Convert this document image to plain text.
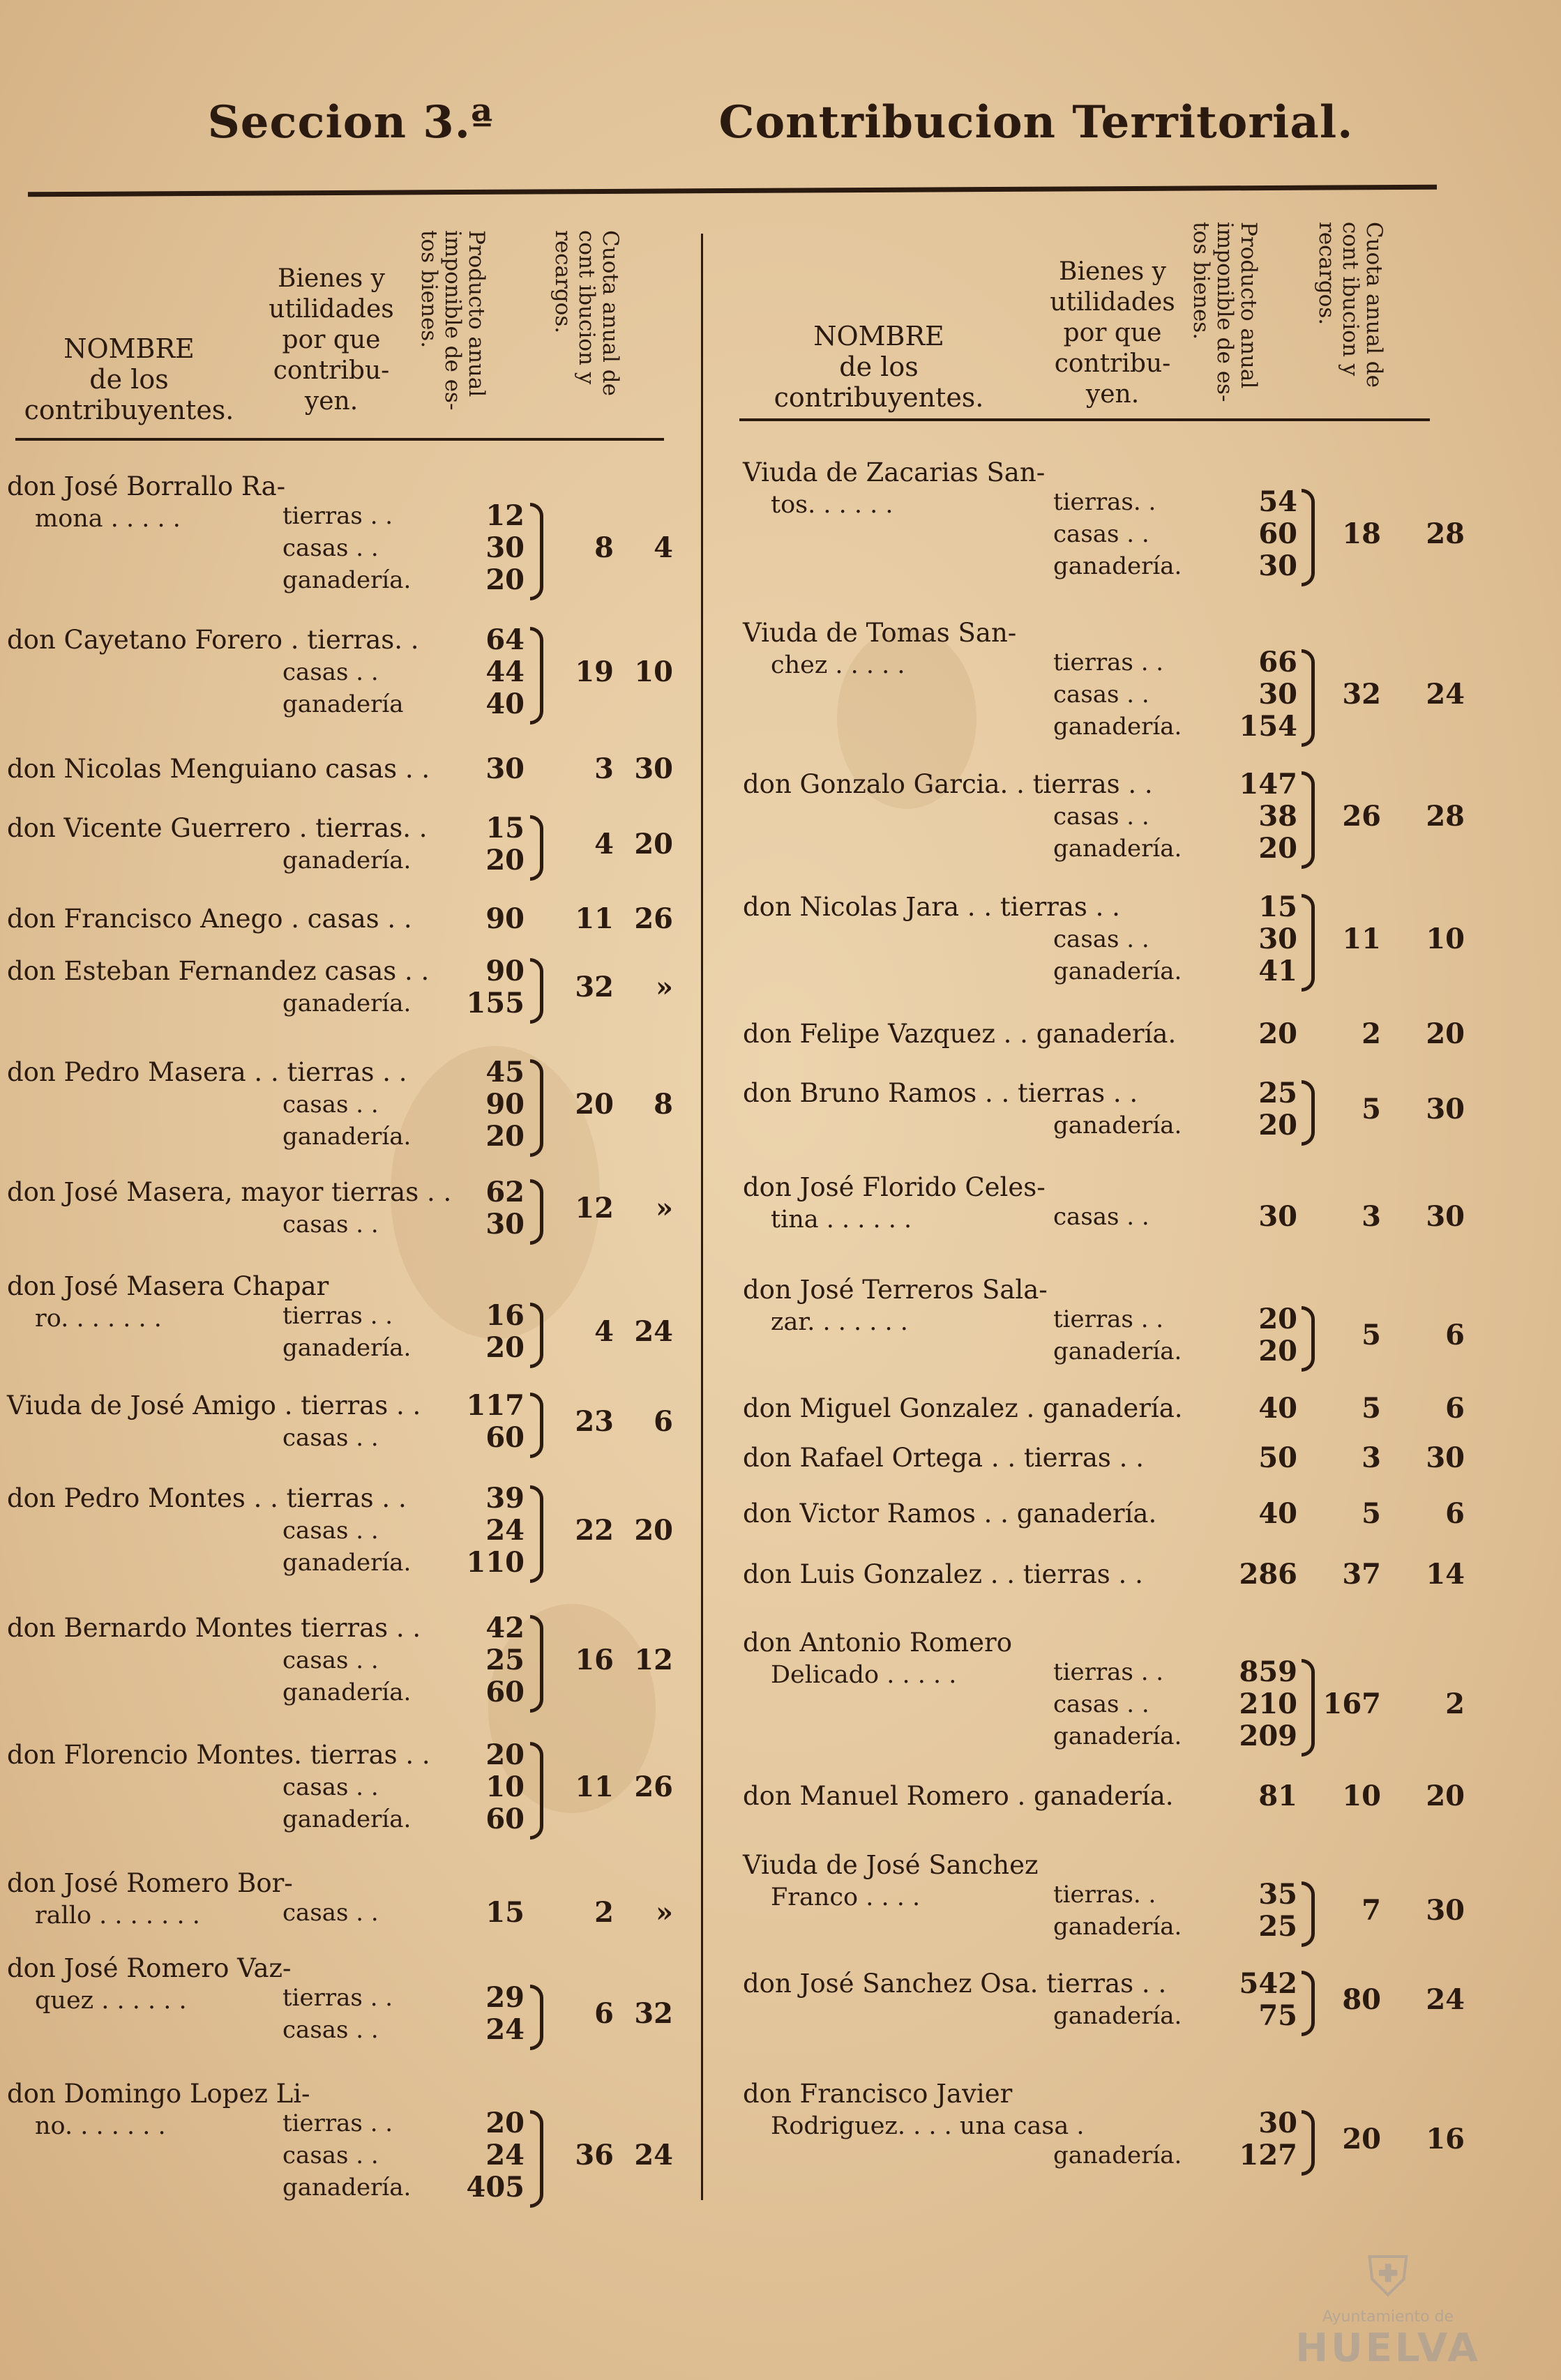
Seccion 3.ª	Contribucion Territorial.
NOMBRE
de los contribuyentes.
Bienes y
utilidades
por que
contribu-
yen.
Producto anual
imponible de es-
tos bienes.
Cuota anual de
cont ibucion y
recargos.
NOMBRE
de los contribuyentes.
Bienes y
utilidades
por que
contribu-
yen.
Producto anual
imponible de es-
tos bienes.
Cuota anual de
cont ibucion y
recargos.
don José Borrallo Ra-
mona . . . . .	tierras . .	12
casas . .	30
ganadería.	20
8	4
don Cayetano Forero . tierras. .	64
casas . .	44
ganadería	40
19 10
don Nicolas Menguiano casas . .	30	3 30
don Vicente Guerrero . tierras. .	15
ganadería.	20	4 20
don Francisco Anego . casas . .	90	11 26
don Esteban Fernandez casas . .	90
ganadería.	155	32	»
don Pedro Masera . . tierras . .	45
casas . .	90
ganadería.	20
20	8
don José Masera, mayor tierras . .	62
casas . .	30	12	»
don José Masera Chapar
ro. . . . . . .	tierras . .	16
ganadería.	20	4 24
Viuda de José Amigo . tierras . .	117
casas . .	60	23	6
don Pedro Montes . . tierras . .	39
casas . .	24
ganadería.	110
22 20
don Bernardo Montes tierras . .	42
casas . .	25
ganadería.	60
16 12
don Florencio Montes. tierras . .	20
casas . .	10
ganadería.	60
11 26
don José Romero Bor-
rallo . . . . . . .	casas . .	15	2	»
don José Romero Vaz-
quez . . . . . .	tierras . .	29
casas . .	24	6 32
don Domingo Lopez Li-
no. . . . . . .	tierras . .	20
casas . .	24
ganadería.	405
36 24
Viuda de Zacarias San-
tos. . . . . .	tierras. .	54
casas . .	60
ganadería.	30
18	28
Viuda de Tomas San-
chez . . . . .	tierras . .	66
casas . .	30
ganadería.	154
32	24
don Gonzalo Garcia. . tierras . .	147
casas . .	38
ganadería.	20
26	28
don Nicolas Jara . . tierras . .	15
casas . .	30
ganadería.	41
11	10
don Felipe Vazquez . . ganadería.	20	2	20
don Bruno Ramos . . tierras . .	25
ganadería.	20	5	30
don José Florido Celes-
tina . . . . . .	casas . .	30	3	30
don José Terreros Sala-
zar. . . . . . .	tierras . .	20
ganadería.	20	5	6
don Miguel Gonzalez . ganadería.	40	5	6
don Rafael Ortega . . tierras . .	50	3	30
don Victor Ramos . . ganadería.	40	5	6
don Luis Gonzalez . . tierras . .	286	37	14
don Antonio Romero
Delicado . . . . .	tierras . .	859
casas . .	210
ganadería.	209
167	2
don Manuel Romero . ganadería.	81	10	20
Viuda de José Sanchez
Franco . . . .	tierras. .	35
ganadería.	25	7	30
don José Sanchez Osa. tierras . .	542
ganadería.	75	80	24
don Francisco Javier
Rodriguez. . . . una casa .	30
ganadería.	127	20	16
⛨
Ayuntamiento de
HUELVA
